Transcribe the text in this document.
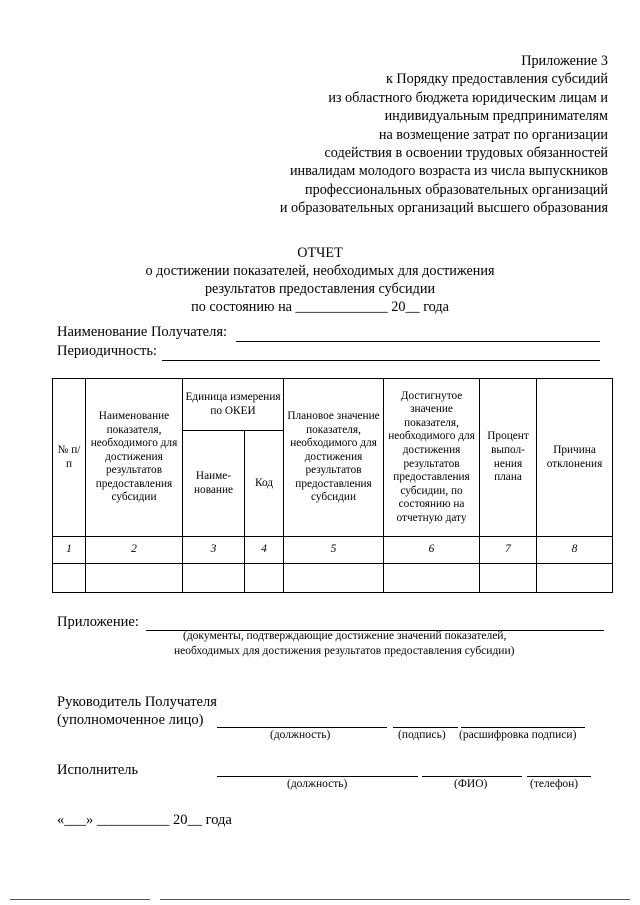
Приложение 3
к Порядку предоставления субсидий
из областного бюджета юридическим лицам и
индивидуальным предпринимателям
на возмещение затрат по организации
содействия в освоении трудовых обязанностей
инвалидам молодого возраста из числа выпускников
профессиональных образовательных организаций
и образовательных организаций высшего образования
ОТЧЕТ
о достижении показателей, необходимых для достижения
результатов предоставления субсидии
по состоянию на _____________ 20__ года
Наименование Получателя:
Периодичность:
№ п/п	Наименование показателя, необходимого для достижения результатов предоставления субсидии	Единица измерения по ОКЕИ		Плановое значение показателя, необходимого для достижения результатов предоставления субсидии	Достигнутое значение показателя, необходимого для достижения результатов предоставления субсидии, по состоянию на отчетную дату	Процент выпол-нения плана	Причина отклонения
		Наиме-нование	Код				
1	2	3	4	5	6	7	8

Приложение:
(документы, подтверждающие достижение значений показателей,
необходимых для достижения результатов предоставления субсидии)
Руководитель Получателя
(уполномоченное лицо)
(должность)	(подпись) (расшифровка подписи)
Исполнитель
(должность)	(ФИО)	(телефон)
«___» __________ 20__ года
